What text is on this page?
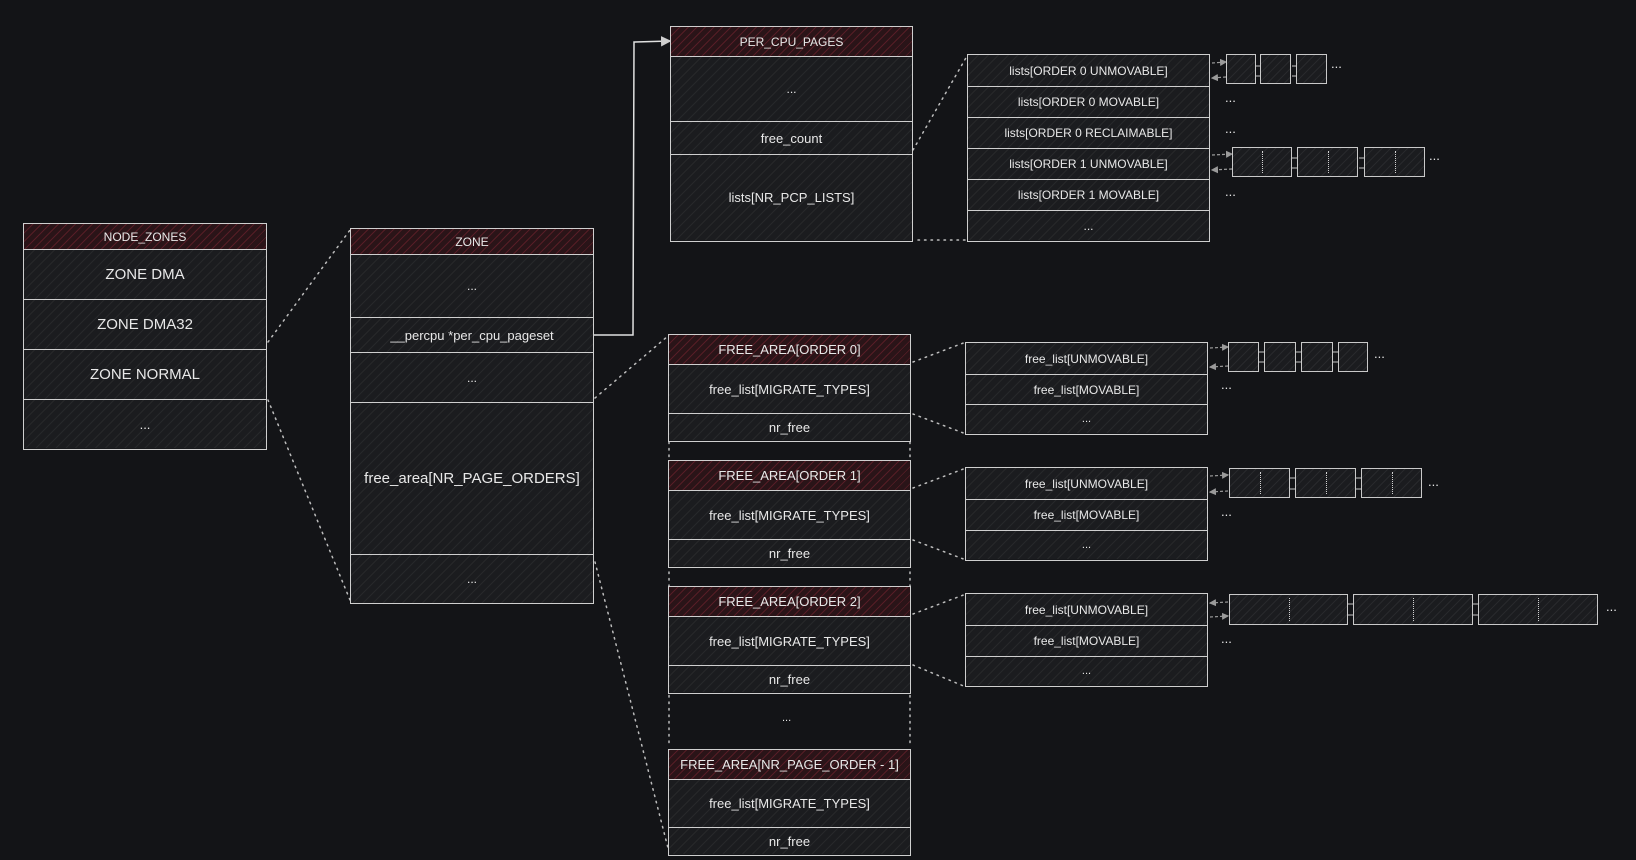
NODE_ZONES
ZONE DMA
ZONE DMA32
ZONE NORMAL
...
ZONE
...
__percpu *per_cpu_pageset
...
free_area[NR_PAGE_ORDERS]
...
PER_CPU_PAGES
...
free_count
lists[NR_PCP_LISTS]
lists[ORDER 0 UNMOVABLE]
lists[ORDER 0 MOVABLE]
lists[ORDER 0 RECLAIMABLE]
lists[ORDER 1 UNMOVABLE]
lists[ORDER 1 MOVABLE]
...
...
...
...
...
...
FREE_AREA[ORDER 0]
free_list[MIGRATE_TYPES]
nr_free
FREE_AREA[ORDER 1]
free_list[MIGRATE_TYPES]
nr_free
FREE_AREA[ORDER 2]
free_list[MIGRATE_TYPES]
nr_free
...
FREE_AREA[NR_PAGE_ORDER - 1]
free_list[MIGRATE_TYPES]
nr_free
free_list[UNMOVABLE]
free_list[MOVABLE]
...
...
...
free_list[UNMOVABLE]
free_list[MOVABLE]
...
...
...
free_list[UNMOVABLE]
free_list[MOVABLE]
...
...
...
